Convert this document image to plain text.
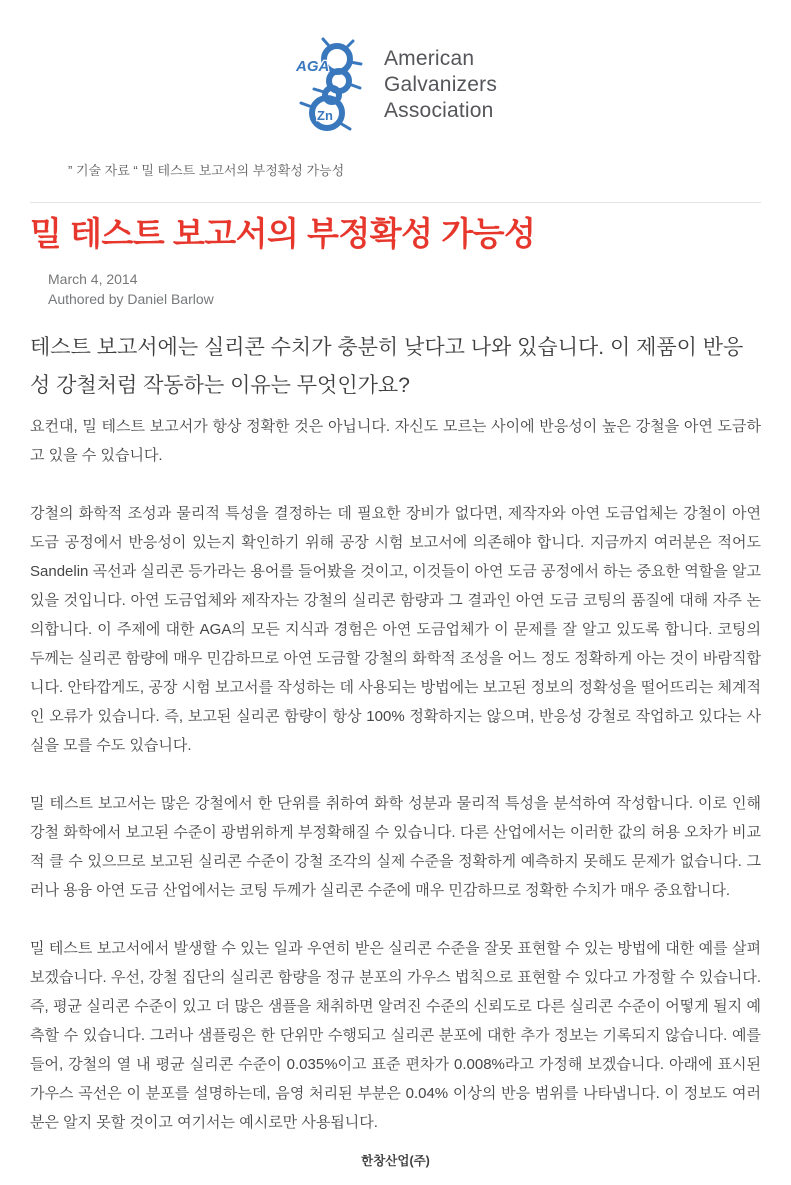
AGA
Zn
American
Galvanizers
Association
” 기술 자료 “ 밀 테스트 보고서의 부정확성 가능성
밀 테스트 보고서의 부정확성 가능성
March 4, 2014
Authored by Daniel Barlow
테스트 보고서에는 실리콘 수치가 충분히 낮다고 나와 있습니다. 이 제품이 반응성 강철처럼 작동하는 이유는 무엇인가요?

요컨대, 밀 테스트 보고서가 항상 정확한 것은 아닙니다. 자신도 모르는 사이에 반응성이 높은 강철을 아연 도금하고 있을 수 있습니다.

강철의 화학적 조성과 물리적 특성을 결정하는 데 필요한 장비가 없다면, 제작자와 아연 도금업체는 강철이 아연 도금 공정에서 반응성이 있는지 확인하기 위해 공장 시험 보고서에 의존해야 합니다. 지금까지 여러분은 적어도 Sandelin 곡선과 실리콘 등가라는 용어를 들어봤을 것이고, 이것들이 아연 도금 공정에서 하는 중요한 역할을 알고 있을 것입니다. 아연 도금업체와 제작자는 강철의 실리콘 함량과 그 결과인 아연 도금 코팅의 품질에 대해 자주 논의합니다. 이 주제에 대한 AGA의 모든 지식과 경험은 아연 도금업체가 이 문제를 잘 알고 있도록 합니다. 코팅의 두께는 실리콘 함량에 매우 민감하므로 아연 도금할 강철의 화학적 조성을 어느 정도 정확하게 아는 것이 바람직합니다. 안타깝게도, 공장 시험 보고서를 작성하는 데 사용되는 방법에는 보고된 정보의 정확성을 떨어뜨리는 체계적인 오류가 있습니다. 즉, 보고된 실리콘 함량이 항상 100% 정확하지는 않으며, 반응성 강철로 작업하고 있다는 사실을 모를 수도 있습니다.

밀 테스트 보고서는 많은 강철에서 한 단위를 취하여 화학 성분과 물리적 특성을 분석하여 작성합니다. 이로 인해 강철 화학에서 보고된 수준이 광범위하게 부정확해질 수 있습니다. 다른 산업에서는 이러한 값의 허용 오차가 비교적 클 수 있으므로 보고된 실리콘 수준이 강철 조각의 실제 수준을 정확하게 예측하지 못해도 문제가 없습니다. 그러나 용융 아연 도금 산업에서는 코팅 두께가 실리콘 수준에 매우 민감하므로 정확한 수치가 매우 중요합니다.

밀 테스트 보고서에서 발생할 수 있는 일과 우연히 받은 실리콘 수준을 잘못 표현할 수 있는 방법에 대한 예를 살펴보겠습니다. 우선, 강철 집단의 실리콘 함량을 정규 분포의 가우스 법칙으로 표현할 수 있다고 가정할 수 있습니다. 즉, 평균 실리콘 수준이 있고 더 많은 샘플을 채취하면 알려진 수준의 신뢰도로 다른 실리콘 수준이 어떻게 될지 예측할 수 있습니다. 그러나 샘플링은 한 단위만 수행되고 실리콘 분포에 대한 추가 정보는 기록되지 않습니다. 예를 들어, 강철의 열 내 평균 실리콘 수준이 0.035%이고 표준 편차가 0.008%라고 가정해 보겠습니다. 아래에 표시된 가우스 곡선은 이 분포를 설명하는데, 음영 처리된 부분은 0.04% 이상의 반응 범위를 나타냅니다. 이 정보도 여러분은 알지 못할 것이고 여기서는 예시로만 사용됩니다.

한창산업(주)
